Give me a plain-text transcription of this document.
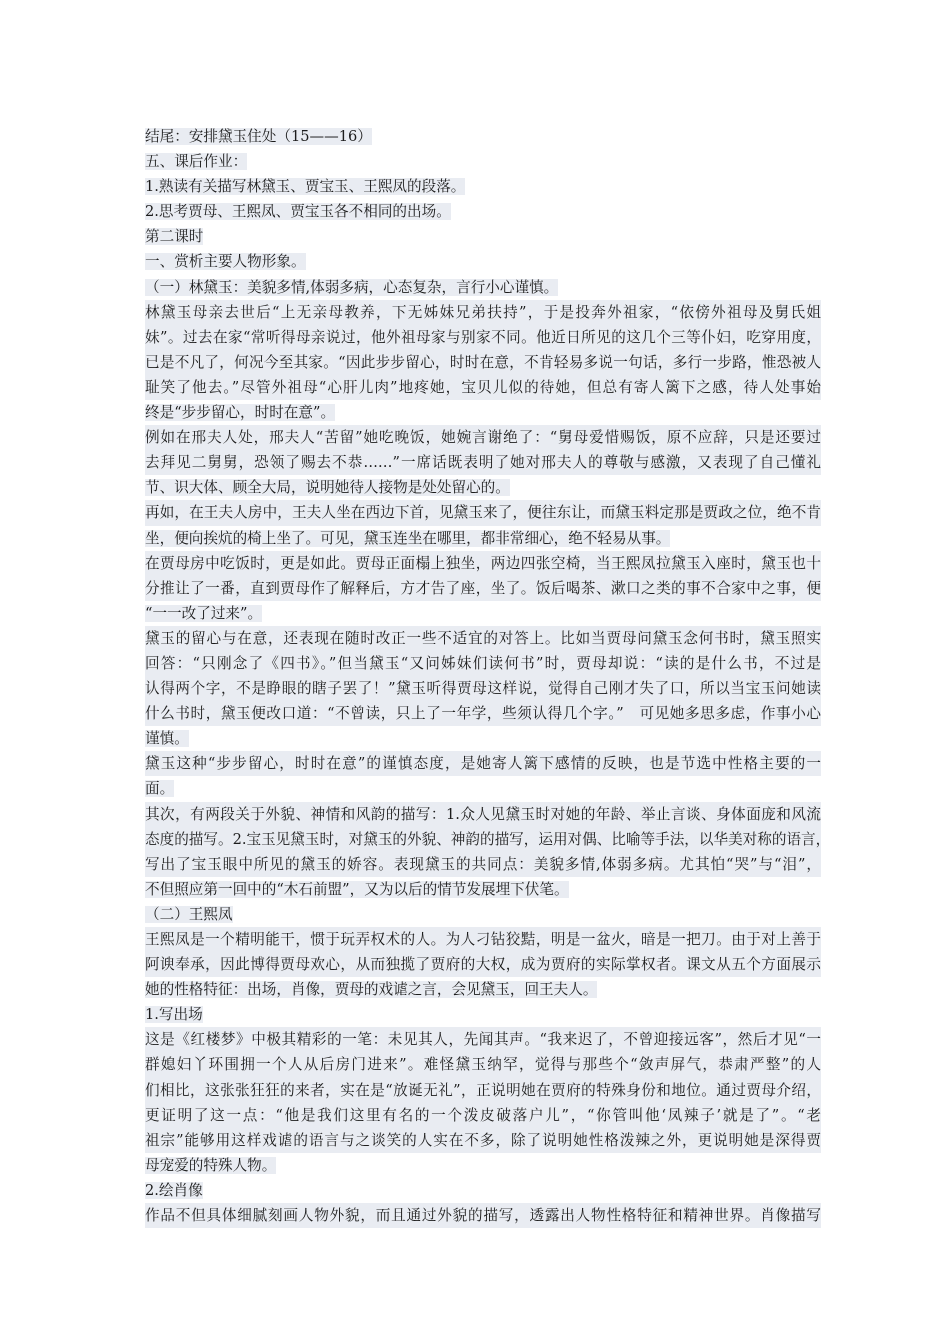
结尾：安排黛玉住处（15——16）
五、课后作业：
1.熟读有关描写林黛玉、贾宝玉、王熙凤的段落。
2.思考贾母、王熙凤、贾宝玉各不相同的出场。
第二课时
一、赏析主要人物形象。
（一）林黛玉：美貌多情,体弱多病，心态复杂，言行小心谨慎。
林黛玉母亲去世后“上无亲母教养，下无姊妹兄弟扶持”，于是投奔外祖家，“依傍外祖母及舅氏姐
妹”。过去在家“常听得母亲说过，他外祖母家与别家不同。他近日所见的这几个三等仆妇，吃穿用度，
已是不凡了，何况今至其家。“因此步步留心，时时在意，不肯轻易多说一句话，多行一步路，惟恐被人
耻笑了他去。”尽管外祖母“心肝儿肉”地疼她，宝贝儿似的待她，但总有寄人篱下之感，待人处事始
终是“步步留心，时时在意”。
例如在邢夫人处，邢夫人“苦留”她吃晚饭，她婉言谢绝了：“舅母爱惜赐饭，原不应辞，只是还要过
去拜见二舅舅，恐领了赐去不恭……”一席话既表明了她对邢夫人的尊敬与感激，又表现了自己懂礼
节、识大体、顾全大局，说明她待人接物是处处留心的。
再如，在王夫人房中，王夫人坐在西边下首，见黛玉来了，便往东让，而黛玉料定那是贾政之位，绝不肯
坐，便向挨炕的椅上坐了。可见，黛玉连坐在哪里，都非常细心，绝不轻易从事。
在贾母房中吃饭时，更是如此。贾母正面榻上独坐，两边四张空椅，当王熙凤拉黛玉入座时，黛玉也十
分推让了一番，直到贾母作了解释后，方才告了座，坐了。饭后喝茶、漱口之类的事不合家中之事，便
“一一改了过来”。
黛玉的留心与在意，还表现在随时改正一些不适宜的对答上。比如当贾母问黛玉念何书时，黛玉照实
回答：“只刚念了《四书》。”但当黛玉“又问姊妹们读何书”时，贾母却说：“读的是什么书，不过是
认得两个字，不是睁眼的瞎子罢了！”黛玉听得贾母这样说，觉得自己刚才失了口，所以当宝玉问她读
什么书时，黛玉便改口道：“不曾读，只上了一年学，些须认得几个字。”　可见她多思多虑，作事小心
谨慎。
黛玉这种“步步留心，时时在意”的谨慎态度，是她寄人篱下感情的反映，也是节选中性格主要的一
面。
其次，有两段关于外貌、神情和风韵的描写：1.众人见黛玉时对她的年龄、举止言谈、身体面庞和风流
态度的描写。2.宝玉见黛玉时，对黛玉的外貌、神韵的描写，运用对偶、比喻等手法，以华美对称的语言，
写出了宝玉眼中所见的黛玉的娇容。表现黛玉的共同点：美貌多情,体弱多病。尤其怕“哭”与“泪”，
不但照应第一回中的“木石前盟”，又为以后的情节发展埋下伏笔。
（二）王熙凤
王熙凤是一个精明能干，惯于玩弄权术的人。为人刁钻狡黠，明是一盆火，暗是一把刀。由于对上善于
阿谀奉承，因此博得贾母欢心，从而独揽了贾府的大权，成为贾府的实际掌权者。课文从五个方面展示
她的性格特征：出场，肖像，贾母的戏谑之言，会见黛玉，回王夫人。
1.写出场
这是《红楼梦》中极其精彩的一笔：未见其人，先闻其声。“我来迟了，不曾迎接远客”，然后才见“一
群媳妇丫环围拥一个人从后房门进来”。难怪黛玉纳罕，觉得与那些个“敛声屏气，恭肃严整”的人
们相比，这张张狂狂的来者，实在是“放诞无礼”，正说明她在贾府的特殊身份和地位。通过贾母介绍，
更证明了这一点：“他是我们这里有名的一个泼皮破落户儿”，“你管叫他‘凤辣子’就是了”。“老
祖宗”能够用这样戏谑的语言与之谈笑的人实在不多，除了说明她性格泼辣之外，更说明她是深得贾
母宠爱的特殊人物。
2.绘肖像
作品不但具体细腻刻画人物外貌，而且通过外貌的描写，透露出人物性格特征和精神世界。肖像描写
